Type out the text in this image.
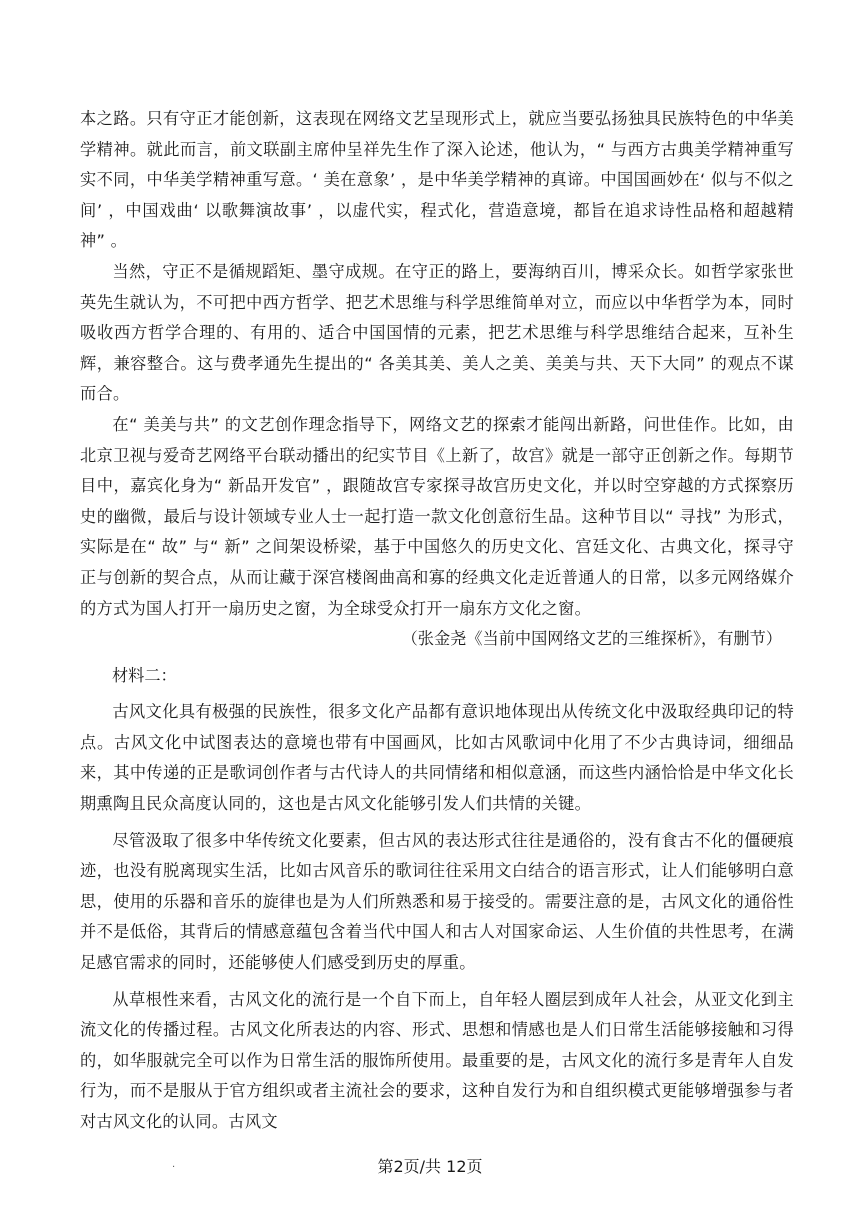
本之路。只有守正才能创新，这表现在网络文艺呈现形式上，就应当要弘扬独具民族特色的中华美学精神。就此而言，前文联副主席仲呈祥先生作了深入论述，他认为，“ 与西方古典美学精神重写实不同，中华美学精神重写意。‘ 美在意象’ ，是中华美学精神的真谛。中国国画妙在‘ 似与不似之间’ ，中国戏曲‘ 以歌舞演故事’ ，以虚代实，程式化，营造意境，都旨在追求诗性品格和超越精神” 。

当然，守正不是循规蹈矩、墨守成规。在守正的路上，要海纳百川，博采众长。如哲学家张世英先生就认为，不可把中西方哲学、把艺术思维与科学思维简单对立，而应以中华哲学为本，同时吸收西方哲学合理的、有用的、适合中国国情的元素，把艺术思维与科学思维结合起来，互补生辉，兼容整合。这与费孝通先生提出的“ 各美其美、美人之美、美美与共、天下大同” 的观点不谋而合。

在“ 美美与共” 的文艺创作理念指导下，网络文艺的探索才能闯出新路，问世佳作。比如，由北京卫视与爱奇艺网络平台联动播出的纪实节目《上新了，故宫》就是一部守正创新之作。每期节目中，嘉宾化身为“ 新品开发官” ，跟随故宫专家探寻故宫历史文化，并以时空穿越的方式探察历史的幽微，最后与设计领域专业人士一起打造一款文化创意衍生品。这种节目以“ 寻找” 为形式，实际是在“ 故” 与“ 新” 之间架设桥梁，基于中国悠久的历史文化、宫廷文化、古典文化，探寻守正与创新的契合点，从而让藏于深宫楼阁曲高和寡的经典文化走近普通人的日常，以多元网络媒介的方式为国人打开一扇历史之窗，为全球受众打开一扇东方文化之窗。

（张金尧《当前中国网络文艺的三维探析》，有删节）

材料二：

古风文化具有极强的民族性，很多文化产品都有意识地体现出从传统文化中汲取经典印记的特点。古风文化中试图表达的意境也带有中国画风，比如古风歌词中化用了不少古典诗词，细细品来，其中传递的正是歌词创作者与古代诗人的共同情绪和相似意涵，而这些内涵恰恰是中华文化长期熏陶且民众高度认同的，这也是古风文化能够引发人们共情的关键。

尽管汲取了很多中华传统文化要素，但古风的表达形式往往是通俗的，没有食古不化的僵硬痕迹，也没有脱离现实生活，比如古风音乐的歌词往往采用文白结合的语言形式，让人们能够明白意思，使用的乐器和音乐的旋律也是为人们所熟悉和易于接受的。需要注意的是，古风文化的通俗性并不是低俗，其背后的情感意蕴包含着当代中国人和古人对国家命运、人生价值的共性思考，在满足感官需求的同时，还能够使人们感受到历史的厚重。

从草根性来看，古风文化的流行是一个自下而上，自年轻人圈层到成年人社会，从亚文化到主流文化的传播过程。古风文化所表达的内容、形式、思想和情感也是人们日常生活能够接触和习得的，如华服就完全可以作为日常生活的服饰所使用。最重要的是，古风文化的流行多是青年人自发行为，而不是服从于官方组织或者主流社会的要求，这种自发行为和自组织模式更能够增强参与者对古风文化的认同。古风文

.	第2页/共 12页
